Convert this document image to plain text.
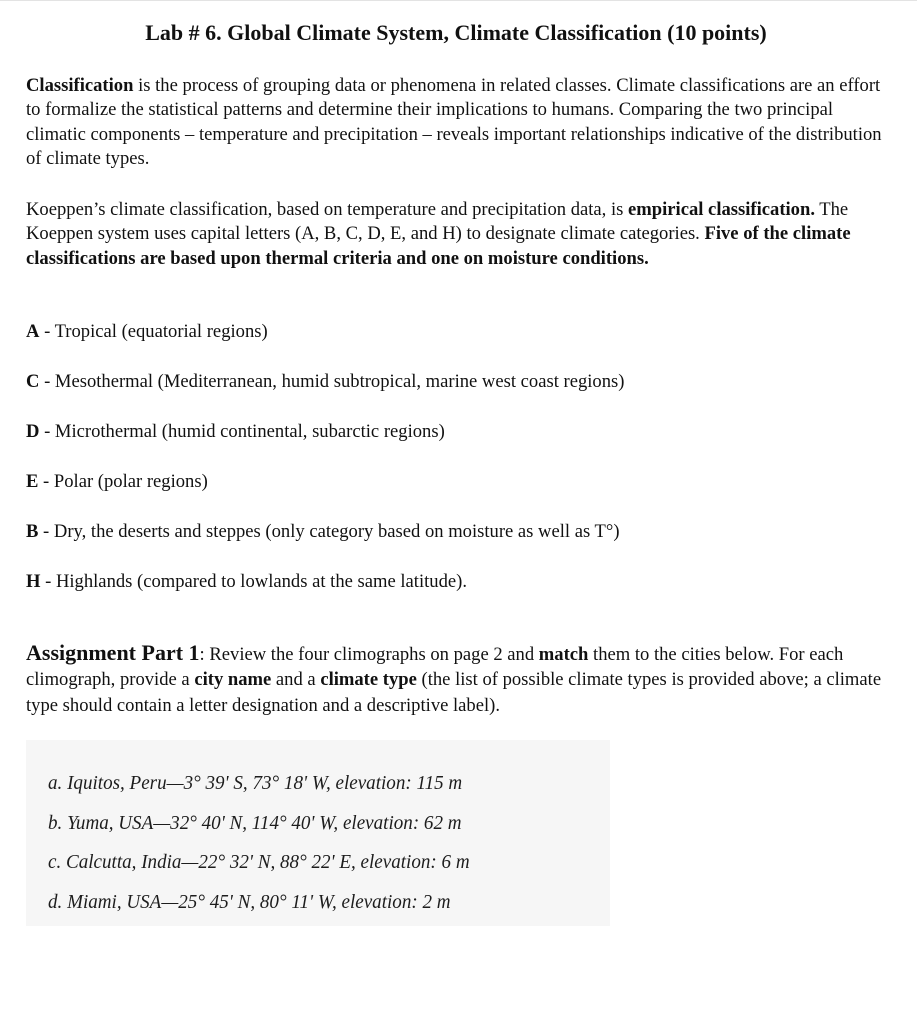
Lab # 6. Global Climate System, Climate Classification (10 points)

Classification is the process of grouping data or phenomena in related classes. Climate classifications are an effort to formalize the statistical patterns and determine their implications to humans. Comparing the two principal climatic components – temperature and precipitation – reveals important relationships indicative of the distribution of climate types.

Koeppen’s climate classification, based on temperature and precipitation data, is empirical classification. The Koeppen system uses capital letters (A, B, C, D, E, and H) to designate climate categories. Five of the climate classifications are based upon thermal criteria and one on moisture conditions.

A - Tropical (equatorial regions)
C - Mesothermal (Mediterranean, humid subtropical, marine west coast regions)
D - Microthermal (humid continental, subarctic regions)
E - Polar (polar regions)
B - Dry, the deserts and steppes (only category based on moisture as well as T°)
H - Highlands (compared to lowlands at the same latitude).

Assignment Part 1: Review the four climographs on page 2 and match them to the cities below. For each climograph, provide a city name and a climate type (the list of possible climate types is provided above; a climate type should contain a letter designation and a descriptive label).

a. Iquitos, Peru—3° 39' S, 73° 18' W, elevation: 115 m
b. Yuma, USA—32° 40' N, 114° 40' W, elevation: 62 m
c. Calcutta, India—22° 32' N, 88° 22' E, elevation: 6 m
d. Miami, USA—25° 45' N, 80° 11' W, elevation: 2 m
